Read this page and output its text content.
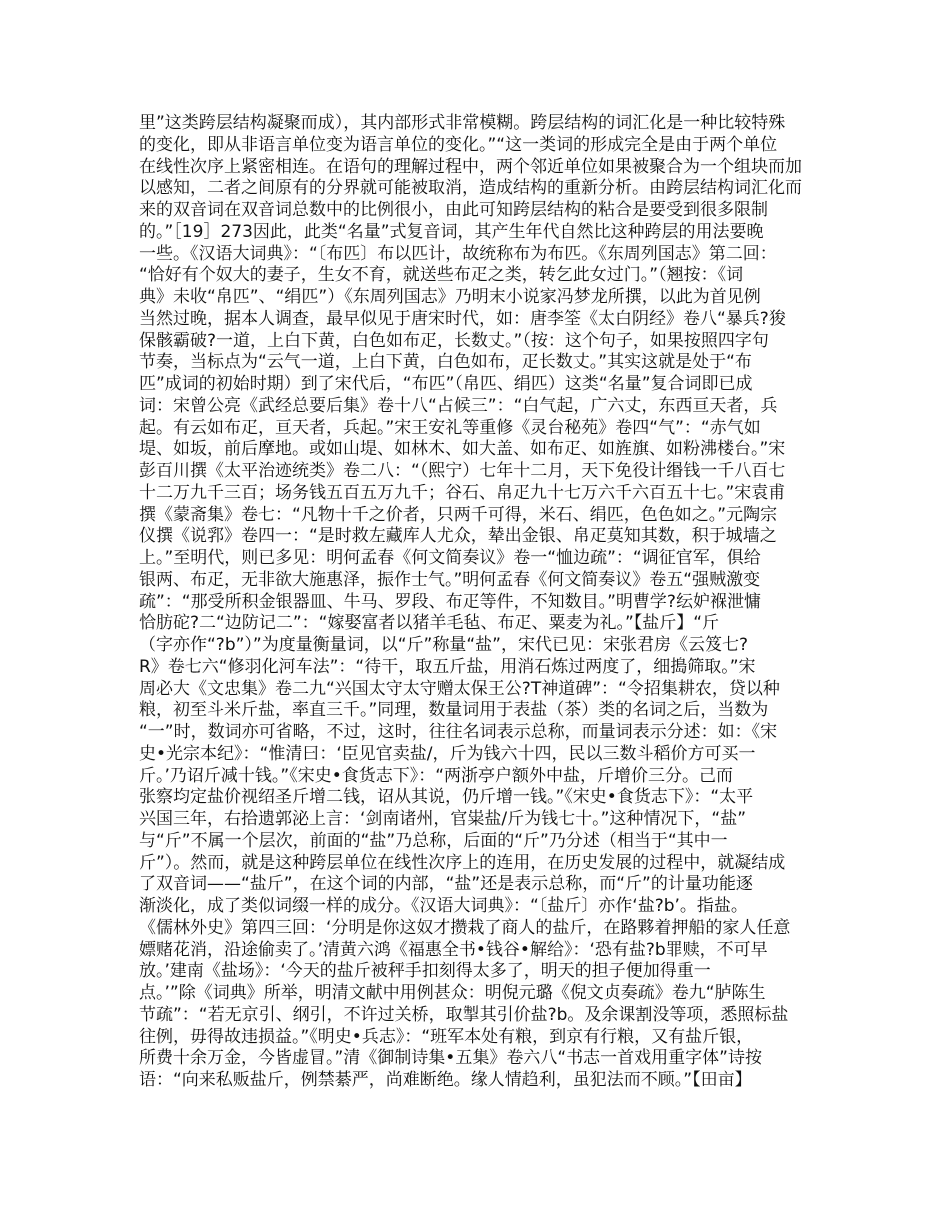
里”这类跨层结构凝聚而成），其内部形式非常模糊。跨层结构的词汇化是一种比较特殊
的变化，即从非语言单位变为语言单位的变化。”“这一类词的形成完全是由于两个单位
在线性次序上紧密相连。在语句的理解过程中，两个邻近单位如果被聚合为一个组块而加
以感知，二者之间原有的分界就可能被取消，造成结构的重新分析。由跨层结构词汇化而
来的双音词在双音词总数中的比例很小，由此可知跨层结构的粘合是要受到很多限制
的。”［19］273因此，此类“名量”式复音词，其产生年代自然比这种跨层的用法要晚
一些。《汉语大词典》：“〔布匹〕布以匹计，故统称布为布匹。《东周列国志》第二回：
“恰好有个奴大的妻子，生女不育，就送些布疋之类，转乞此女过门。”（翘按：《词
典》未收“帛匹”、“绢匹”）《东周列国志》乃明末小说家冯梦龙所撰，以此为首见例
当然过晚，据本人调查，最早似见于唐宋时代，如：唐李筌《太白阴经》卷八“暴兵?狻
保骸霸破?一道，上白下黄，白色如布疋，长数丈。”（按：这个句子，如果按照四字句
节奏，当标点为“云气一道，上白下黄，白色如布，疋长数丈。”其实这就是处于“布
匹”成词的初始时期）到了宋代后，“布匹”（帛匹、绢匹）这类“名量”复合词即已成
词：宋曾公亮《武经总要后集》卷十八“占候三”：“白气起，广六丈，东西亘天者，兵
起。有云如布疋，亘天者，兵起。”宋王安礼等重修《灵台秘苑》卷四“气”：“赤气如
堤、如坂，前后摩地。或如山堤、如林木、如大盖、如布疋、如旌旗、如粉沸楼台。”宋
彭百川撰《太平治迹统类》卷二八：“（熙宁）七年十二月，天下免役计缗钱一千八百七
十二万九千三百；场务钱五百五万九千；谷石、帛疋九十七万六千六百五十七。”宋袁甫
撰《蒙斋集》卷七：“凡物十千之价者，只两千可得，米石、绢匹，色色如之。”元陶宗
仪撰《说郛》卷四一：“是时救左藏库人尤众，辇出金银、帛疋莫知其数，积于城墙之
上。”至明代，则已多见：明何孟春《何文简奏议》卷一“恤边疏”：“调征官军，俱给
银两、布疋，无非欲大施惠泽，振作士气。”明何孟春《何文简奏议》卷五“强贼激变
疏”：“那受所积金银器皿、牛马、罗段、布疋等件，不知数目。”明曹学?纭妒褓泄慵
恰肪砣?二“边防记二”：“嫁娶富者以猪羊毛毡、布疋、粟麦为礼。”【盐斤】“斤
（字亦作“?b”）”为度量衡量词，以“斤”称量“盐”，宋代已见：宋张君房《云笈七?
R》卷七六“修羽化河车法”：“待干，取五斤盐，用消石炼过两度了，细搗筛取。”宋
周必大《文忠集》卷二九“兴国太守太守赠太保王公?T神道碑”：“令招集耕农，贷以种
粮，初至斗米斤盐，率直三千。”同理，数量词用于表盐（茶）类的名词之后，当数为
“一”时，数词亦可省略，不过，这时，往往名词表示总称，而量词表示分述：如：《宋
史•光宗本纪》：“惟清曰：‘臣见官卖盐/，斤为钱六十四，民以三数斗稻价方可买一
斤。’乃诏斤减十钱。”《宋史•食货志下》：“两浙亭户额外中盐，斤增价三分。己而
张察均定盐价视绍圣斤增二钱，诏从其说，仍斤增一钱。”《宋史•食货志下》：“太平
兴国三年，右拾遗郭泌上言：‘剑南诸州，官粜盐/斤为钱七十。”这种情况下，“盐”
与“斤”不属一个层次，前面的“盐”乃总称，后面的“斤”乃分述（相当于“其中一
斤”）。然而，就是这种跨层单位在线性次序上的连用，在历史发展的过程中，就凝结成
了双音词——“盐斤”，在这个词的内部，“盐”还是表示总称，而“斤”的计量功能逐
渐淡化，成了类似词缀一样的成分。《汉语大词典》：“〔盐斤〕亦作‘盐?b’。指盐。
《儒林外史》第四三回：‘分明是你这奴才攒栽了商人的盐斤，在路夥着押船的家人任意
嫖赌花消，沿途偷卖了。’清黄六鸿《福惠全书•钱谷•解给》：‘恐有盐?b罪赎，不可早
放。’建南《盐场》：‘今天的盐斤被秤手扣刻得太多了，明天的担子便加得重一
点。’”除《词典》所举，明清文献中用例甚众：明倪元璐《倪文贞奏疏》卷九“胪陈生
节疏”：“若无京引、纲引，不许过关桥，取掣其引价盐?b。及余课割没等项，悉照标盐
往例，毋得故违损益。”《明史•兵志》：“班军本处有粮，到京有行粮，又有盐斤银，
所费十余万金，今皆虚冒。”清《御制诗集•五集》卷六八“书志一首戏用重字体”诗按
语：“向来私贩盐斤，例禁綦严，尚难断绝。缘人情趋利，虽犯法而不顾。”【田亩】
